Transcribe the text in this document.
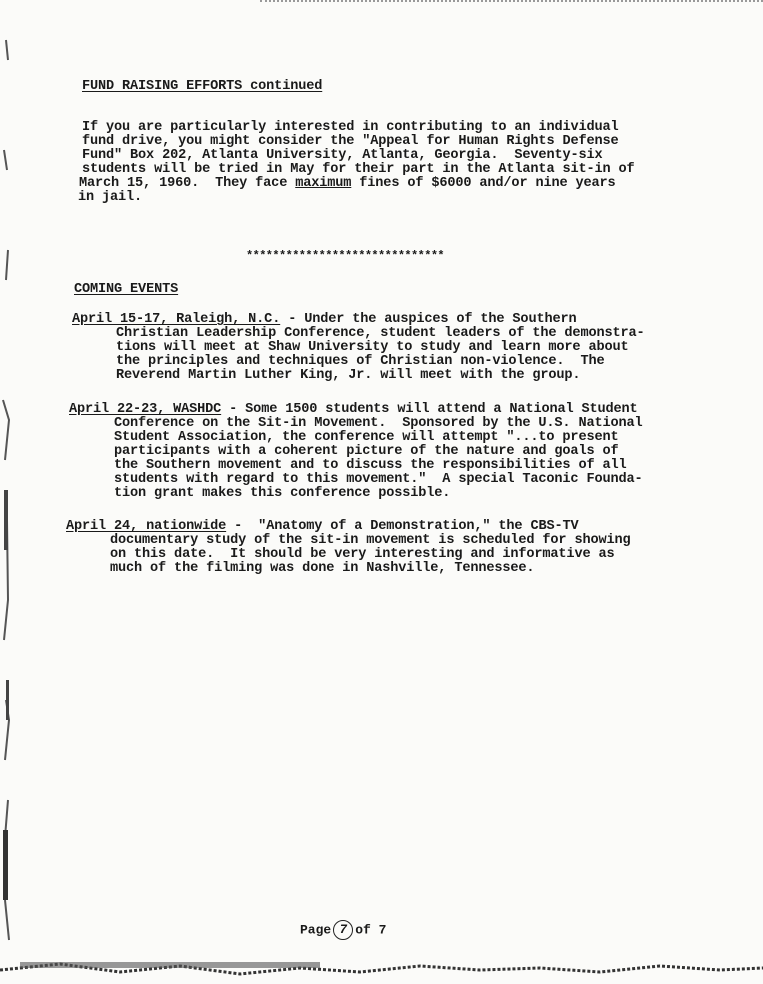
FUND RAISING EFFORTS continued
If you are particularly interested in contributing to an individual
fund drive, you might consider the "Appeal for Human Rights Defense
Fund" Box 202, Atlanta University, Atlanta, Georgia.  Seventy-six
students will be tried in May for their part in the Atlanta sit-in of
March 15, 1960.  They face maximum fines of $6000 and/or nine years
in jail.
******************************
COMING EVENTS
April 15-17, Raleigh, N.C. - Under the auspices of the Southern
Christian Leadership Conference, student leaders of the demonstra-
tions will meet at Shaw University to study and learn more about
the principles and techniques of Christian non-violence.  The
Reverend Martin Luther King, Jr. will meet with the group.
April 22-23, WASHDC - Some 1500 students will attend a National Student
Conference on the Sit-in Movement.  Sponsored by the U.S. National
Student Association, the conference will attempt "...to present
participants with a coherent picture of the nature and goals of
the Southern movement and to discuss the responsibilities of all
students with regard to this movement."  A special Taconic Founda-
tion grant makes this conference possible.
April 24, nationwide -  "Anatomy of a Demonstration," the CBS-TV
documentary study of the sit-in movement is scheduled for showing
on this date.  It should be very interesting and informative as
much of the filming was done in Nashville, Tennessee.
Page 7 of 7
